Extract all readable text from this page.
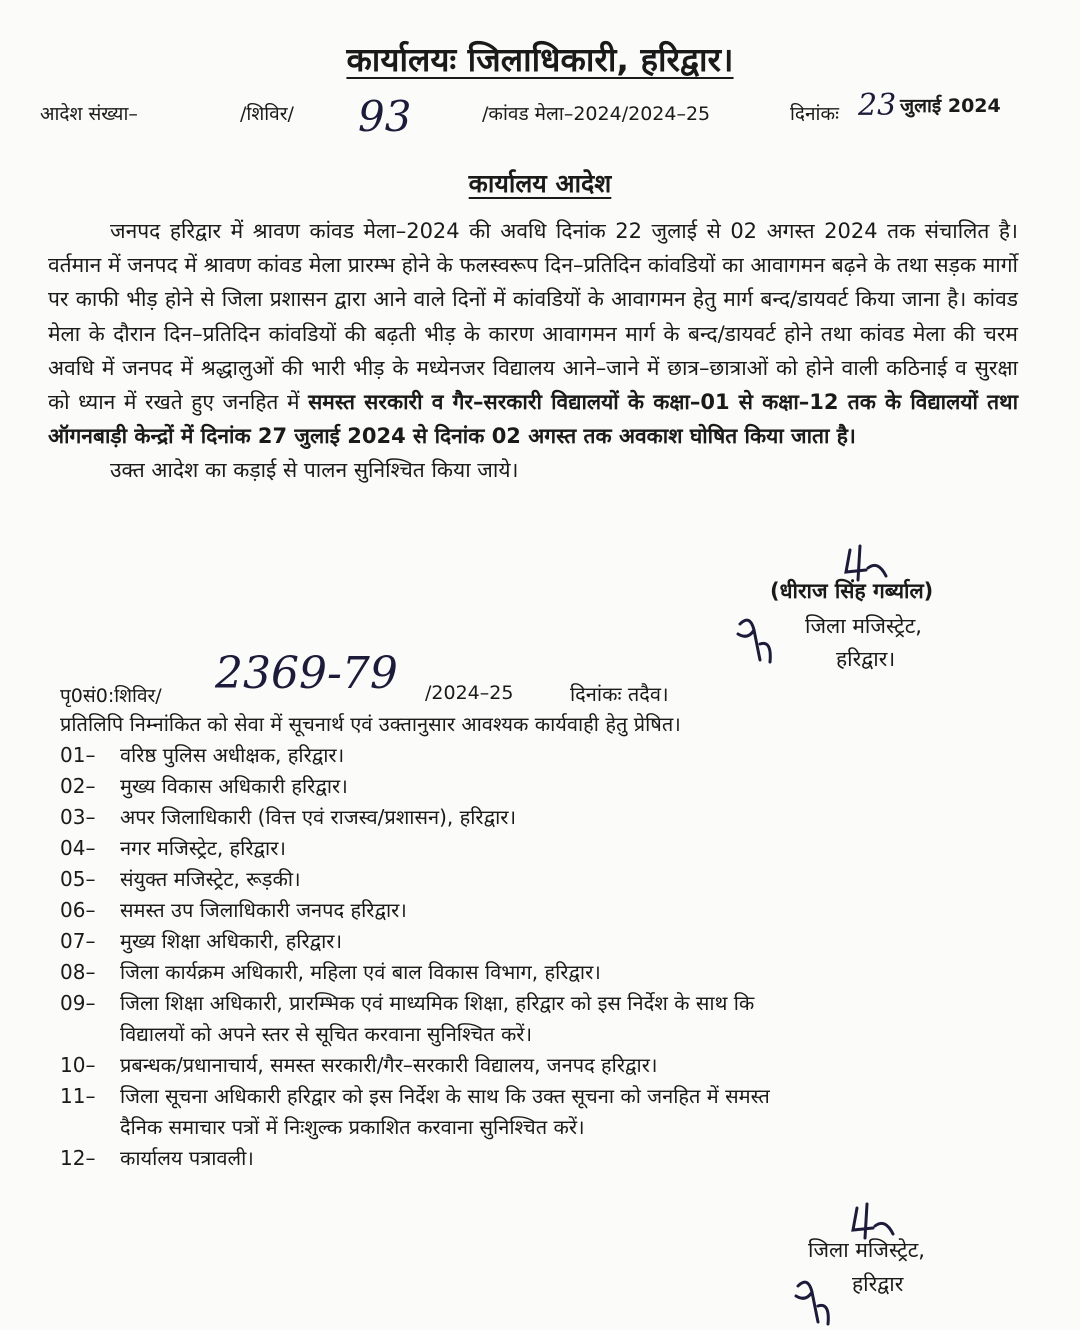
कार्यालयः जिलाधिकारी, हरिद्वार।
आदेश संख्या–	/शिविर/ 93	/कांवड मेला–2024/2024–25	दिनांकः 23 जुलाई 2024
कार्यालय आदेश

जनपद हरिद्वार में श्रावण कांवड मेला–2024 की अवधि दिनांक 22 जुलाई से 02 अगस्त 2024 तक संचालित है। वर्तमान में जनपद में श्रावण कांवड मेला प्रारम्भ होने के फलस्वरूप दिन–प्रतिदिन कांवडियों का आवागमन बढ़ने के तथा सड़क मार्गो पर काफी भीड़ होने से जिला प्रशासन द्वारा आने वाले दिनों में कांवडियों के आवागमन हेतु मार्ग बन्द/डायवर्ट किया जाना है। कांवड मेला के दौरान दिन–प्रतिदिन कांवडियों की बढ़ती भीड़ के कारण आवागमन मार्ग के बन्द/डायवर्ट होने तथा कांवड मेला की चरम अवधि में जनपद में श्रद्धालुओं की भारी भीड़ के मध्येनजर विद्यालय आने–जाने में छात्र–छात्राओं को होने वाली कठिनाई व सुरक्षा को ध्यान में रखते हुए जनहित में समस्त सरकारी व गैर–सरकारी विद्यालयों के कक्षा–01 से कक्षा–12 तक के विद्यालयों तथा ऑगनबाड़ी केन्द्रों में दिनांक 27 जुलाई 2024 से दिनांक 02 अगस्त तक अवकाश घोषित किया जाता है।

उक्त आदेश का कड़ाई से पालन सुनिश्चित किया जाये।

(धीराज सिंह गर्ब्याल)
जिला मजिस्ट्रेट,
हरिद्वार।
पृ0सं0:शिविर/ 2369-79 /2024–25	दिनांकः तदैव।
प्रतिलिपि निम्नांकित को सेवा में सूचनार्थ एवं उक्तानुसार आवश्यक कार्यवाही हेतु प्रेषित।
01–	वरिष्ठ पुलिस अधीक्षक, हरिद्वार।
02–	मुख्य विकास अधिकारी हरिद्वार।
03–	अपर जिलाधिकारी (वित्त एवं राजस्व/प्रशासन), हरिद्वार।
04–	नगर मजिस्ट्रेट, हरिद्वार।
05–	संयुक्त मजिस्ट्रेट, रूड़की।
06–	समस्त उप जिलाधिकारी जनपद हरिद्वार।
07–	मुख्य शिक्षा अधिकारी, हरिद्वार।
08–	जिला कार्यक्रम अधिकारी, महिला एवं बाल विकास विभाग, हरिद्वार।
09–	जिला शिक्षा अधिकारी, प्रारम्भिक एवं माध्यमिक शिक्षा, हरिद्वार को इस निर्देश के साथ कि
विद्यालयों को अपने स्तर से सूचित करवाना सुनिश्चित करें।
10–	प्रबन्धक/प्रधानाचार्य, समस्त सरकारी/गैर–सरकारी विद्यालय, जनपद हरिद्वार।
11–	जिला सूचना अधिकारी हरिद्वार को इस निर्देश के साथ कि उक्त सूचना को जनहित में समस्त
दैनिक समाचार पत्रों में निःशुल्क प्रकाशित करवाना सुनिश्चित करें।
12–	कार्यालय पत्रावली।
जिला मजिस्ट्रेट,
हरिद्वार
